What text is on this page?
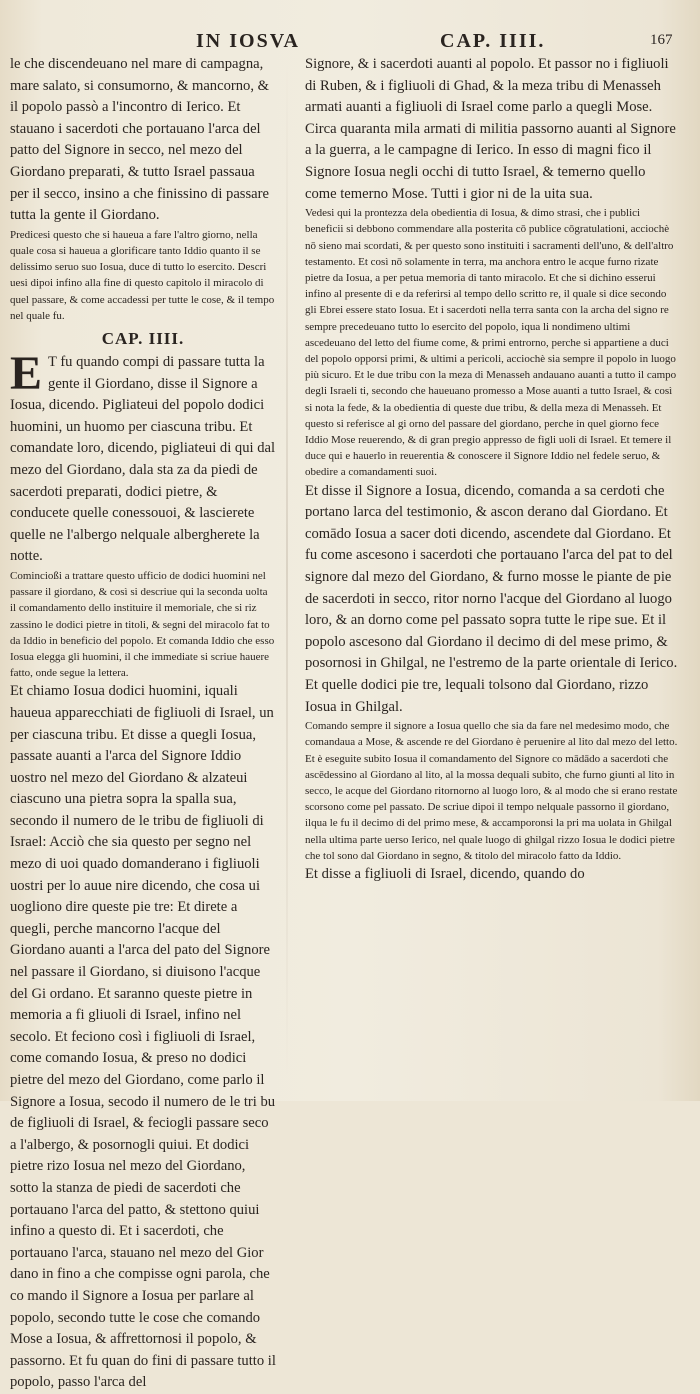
IN IOSVA	CAP. IIII.	167

le che discendeuano nel mare di campagna, mare salato, si consumorno, & mancorno, & il popolo passò a l'incontro di Ierico. Et stauano i sacerdoti che portauano l'arca del patto del Signore in secco, nel mezo del Giordano preparati, & tutto Israel passaua per il secco, insino a che finissino di passare tutta la gente il Giordano.

Predicesi questo che si haueua a fare l'altro giorno, nella quale cosa si haueua a glorificare tanto Iddio quanto il se delissimo seruo suo Iosua, duce di tutto lo esercito. Descri uesi dipoi infino alla fine di questo capitolo il miracolo di quel passare, & come accadessi per tutte le cose, & il tempo nel quale fu.

CAP. IIII.

E T fu quando compi di passare tutta la gente il Giordano, disse il Signore a Iosua, dicendo. Pigliateui del popolo dodici huomini, un huomo per ciascuna tribu. Et comandate loro, dicendo, pigliateui di qui dal mezo del Giordano, dala sta za da piedi de sacerdoti preparati, dodici pietre, & conducete quelle conessouoi, & lascierete quelle ne l'albergo nelquale albergherete la notte.

Comincioßi a trattare questo ufficio de dodici huomini nel passare il giordano, & così si descriue qui la seconda uolta il comandamento dello instituire il memoriale, che si riz zassino le dodici pietre in titoli, & segni del miracolo fat to da Iddio in beneficio del popolo. Et comanda Iddio che esso Iosua elegga gli huomini, il che immediate si scriue hauere fatto, onde segue la lettera.

Et chiamo Iosua dodici huomini, iquali haueua apparecchiati de figliuoli di Israel, un per ciascuna tribu. Et disse a quegli Iosua, passate auanti a l'arca del Signore Iddio uostro nel mezo del Giordano & alzateui ciascuno una pietra sopra la spalla sua, secondo il numero de le tribu de figliuoli di Israel: Acciò che sia questo per segno nel mezo di uoi quado domanderano i figliuoli uostri per lo auue nire dicendo, che cosa ui uogliono dire queste pie tre: Et direte a quegli, perche mancorno l'acque del Giordano auanti a l'arca del pato del Signore nel passare il Giordano, si diuisono l'acque del Gi ordano. Et saranno queste pietre in memoria a fi gliuoli di Israel, infino nel secolo. Et feciono così i figliuoli di Israel, come comando Iosua, & preso no dodici pietre del mezo del Giordano, come parlo il Signore a Iosua, secodo il numero de le tri bu de figliuoli di Israel, & feciogli passare seco a l'albergo, & posornogli quiui. Et dodici pietre rizo Iosua nel mezo del Giordano, sotto la stanza de piedi de sacerdoti che portauano l'arca del patto, & stettono quiui infino a questo di. Et i sacerdoti, che portauano l'arca, stauano nel mezo del Gior dano in fino a che compisse ogni parola, che co mando il Signore a Iosua per parlare al popolo, secondo tutte le cose che comando Mose a Iosua, & affrettornosi il popolo, & passorno. Et fu quan do fini di passare tutto il popolo, passo l'arca del

Signore, & i sacerdoti auanti al popolo. Et passor no i figliuoli di Ruben, & i figliuoli di Ghad, & la meza tribu di Menasseh armati auanti a figliuoli di Israel come parlo a quegli Mose. Circa quaranta mila armati di militia passorno auanti al Signore a la guerra, a le campagne di Ierico. In esso di magni fico il Signore Iosua negli occhi di tutto Israel, & temerno quello come temerno Mose. Tutti i gior ni de la uita sua.

Vedesi qui la prontezza dela obedientia di Iosua, & dimo strasi, che i publici beneficii si debbono commendare alla posterita cō publice cōgratulationi, acciochè nō sieno mai scordati, & per questo sono instituiti i sacramenti dell'uno, & dell'altro testamento. Et così nō solamente in terra, ma anchora entro le acque furno rizate pietre da Iosua, a per petua memoria di tanto miracolo. Et che si dichino esserui infino al presente di e da referirsi al tempo dello scritto re, il quale si dice secondo gli Ebrei essere stato Iosua. Et i sacerdoti nella terra santa con la archa del signo re sempre precedeuano tutto lo esercito del popolo, iqua li nondimeno ultimi ascedeuano del letto del fiume come, & primi entrorno, perche si appartiene a duci del popolo opporsi primi, & ultimi a pericoli, acciochè sia sempre il popolo in luogo più sicuro. Et le due tribu con la meza di Menasseh andauano auanti a tutto il campo degli Israeli ti, secondo che haueuano promesso a Mose auanti a tutto Israel, & così si nota la fede, & la obedientia di queste due tribu, & della meza di Menasseh. Et questo si referisce al gi orno del passare del giordano, perche in quel giorno fece Iddio Mose reuerendo, & di gran pregio appresso de figli uoli di Israel. Et temere il duce qui e hauerlo in reuerentia & conoscere il Signore Iddio nel fedele seruo, & obedire a comandamenti suoi.

Et disse il Signore a Iosua, dicendo, comanda a sa cerdoti che portano larca del testimonio, & ascon derano dal Giordano. Et comādo Iosua a sacer doti dicendo, ascendete dal Giordano. Et fu come ascesono i sacerdoti che portauano l'arca del pat to del signore dal mezo del Giordano, & furno mosse le piante de pie de sacerdoti in secco, ritor norno l'acque del Giordano al luogo loro, & an dorno come pel passato sopra tutte le ripe sue. Et il popolo ascesono dal Giordano il decimo di del mese primo, & posornosi in Ghilgal, ne l'estremo de la parte orientale di Ierico. Et quelle dodici pie tre, lequali tolsono dal Giordano, rizzo Iosua in Ghilgal.

Comando sempre il signore a Iosua quello che sia da fare nel medesimo modo, che comandaua a Mose, & ascende re del Giordano è peruenire al lito dal mezo del letto. Et è eseguite subito Iosua il comandamento del Signore co mādādo a sacerdoti che ascēdessino al Giordano al lito, al la mossa dequali subito, che furno giunti al lito in secco, le acque del Giordano ritornorno al luogo loro, & al modo che si erano restate scorsono come pel passato. De scriue dipoi il tempo nelquale passorno il giordano, ilqua le fu il decimo di del primo mese, & accamporonsi la pri ma uolata in Ghilgal nella ultima parte uerso Ierico, nel quale luogo di ghilgal rizzo Iosua le dodici pietre che tol sono dal Giordano in segno, & titolo del miracolo fatto da Iddio.

Et disse a figliuoli di Israel, dicendo, quando do
